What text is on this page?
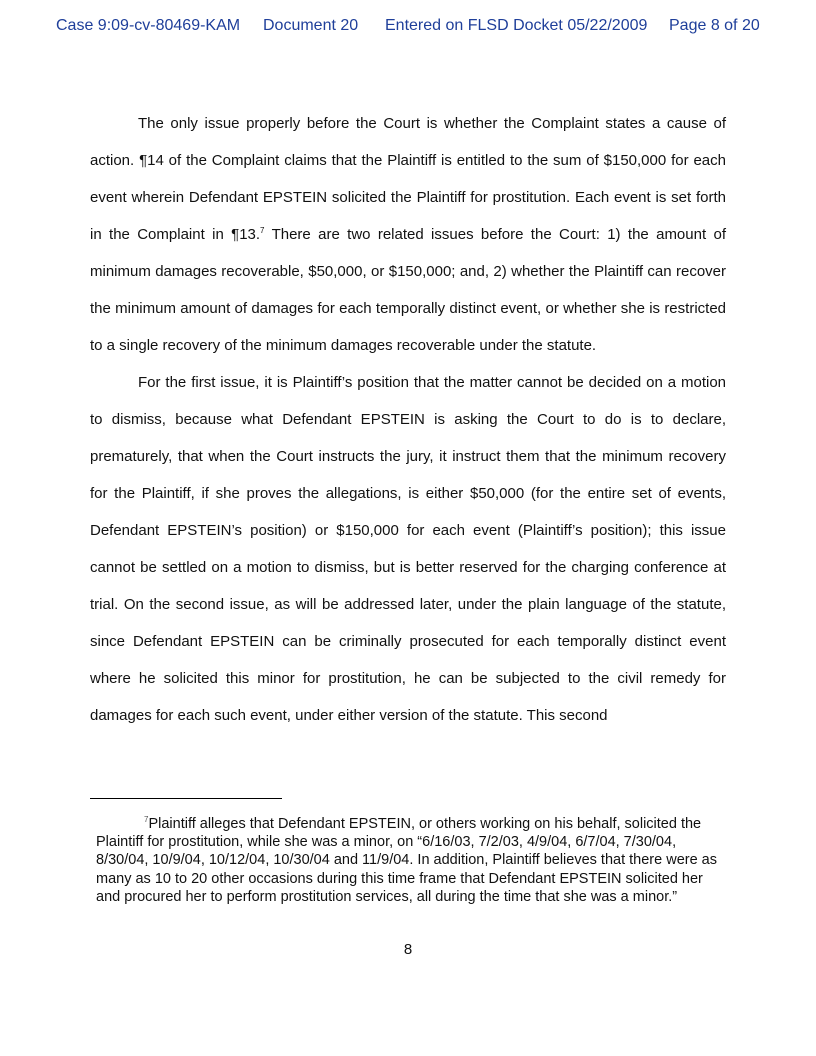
Case 9:09-cv-80469-KAM Document 20 Entered on FLSD Docket 05/22/2009 Page 8 of 20

The only issue properly before the Court is whether the Complaint states a cause of action. ¶14 of the Complaint claims that the Plaintiff is entitled to the sum of $150,000 for each event wherein Defendant EPSTEIN solicited the Plaintiff for prostitution. Each event is set forth in the Complaint in ¶13.$^7$ There are two related issues before the Court: 1) the amount of minimum damages recoverable, $50,000, or $150,000; and, 2) whether the Plaintiff can recover the minimum amount of damages for each temporally distinct event, or whether she is restricted to a single recovery of the minimum damages recoverable under the statute.

For the first issue, it is Plaintiff’s position that the matter cannot be decided on a motion to dismiss, because what Defendant EPSTEIN is asking the Court to do is to declare, prematurely, that when the Court instructs the jury, it instruct them that the minimum recovery for the Plaintiff, if she proves the allegations, is either $50,000 (for the entire set of events, Defendant EPSTEIN’s position) or $150,000 for each event (Plaintiff’s position); this issue cannot be settled on a motion to dismiss, but is better reserved for the charging conference at trial. On the second issue, as will be addressed later, under the plain language of the statute, since Defendant EPSTEIN can be criminally prosecuted for each temporally distinct event where he solicited this minor for prostitution, he can be subjected to the civil remedy for damages for each such event, under either version of the statute. This second

$^7$Plaintiff alleges that Defendant EPSTEIN, or others working on his behalf, solicited the Plaintiff for prostitution, while she was a minor, on “6/16/03, 7/2/03, 4/9/04, 6/7/04, 7/30/04, 8/30/04, 10/9/04, 10/12/04, 10/30/04 and 11/9/04. In addition, Plaintiff believes that there were as many as 10 to 20 other occasions during this time frame that Defendant EPSTEIN solicited her and procured her to perform prostitution services, all during the time that she was a minor.”
8
